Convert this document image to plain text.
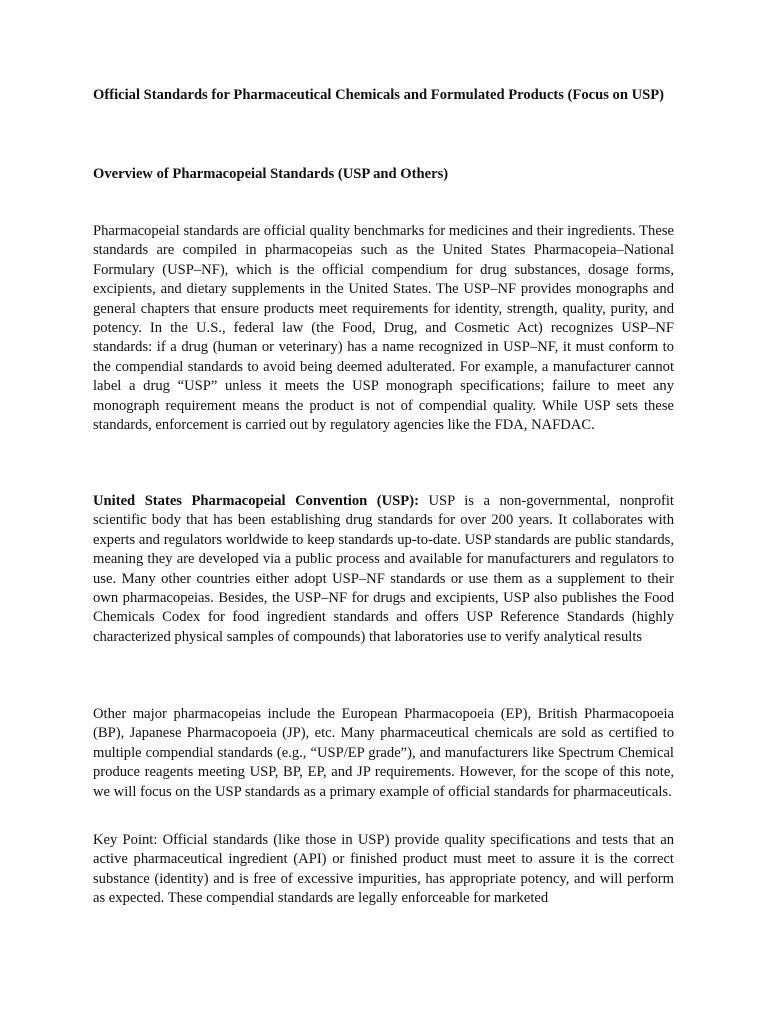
Official Standards for Pharmaceutical Chemicals and Formulated Products (Focus on USP)

Overview of Pharmacopeial Standards (USP and Others)

Pharmacopeial standards are official quality benchmarks for medicines and their ingredients. These standards are compiled in pharmacopeias such as the United States Pharmacopeia–National Formulary (USP–NF), which is the official compendium for drug substances, dosage forms, excipients, and dietary supplements in the United States. The USP–NF provides monographs and general chapters that ensure products meet requirements for identity, strength, quality, purity, and potency. In the U.S., federal law (the Food, Drug, and Cosmetic Act) recognizes USP–NF standards: if a drug (human or veterinary) has a name recognized in USP–NF, it must conform to the compendial standards to avoid being deemed adulterated. For example, a manufacturer cannot label a drug “USP” unless it meets the USP monograph specifications; failure to meet any monograph requirement means the product is not of compendial quality. While USP sets these standards, enforcement is carried out by regulatory agencies like the FDA, NAFDAC.

United States Pharmacopeial Convention (USP): USP is a non-governmental, nonprofit scientific body that has been establishing drug standards for over 200 years. It collaborates with experts and regulators worldwide to keep standards up-to-date. USP standards are public standards, meaning they are developed via a public process and available for manufacturers and regulators to use. Many other countries either adopt USP–NF standards or use them as a supplement to their own pharmacopeias. Besides, the USP–NF for drugs and excipients, USP also publishes the Food Chemicals Codex for food ingredient standards and offers USP Reference Standards (highly characterized physical samples of compounds) that laboratories use to verify analytical results

Other major pharmacopeias include the European Pharmacopoeia (EP), British Pharmacopoeia (BP), Japanese Pharmacopoeia (JP), etc. Many pharmaceutical chemicals are sold as certified to multiple compendial standards (e.g., “USP/EP grade”), and manufacturers like Spectrum Chemical produce reagents meeting USP, BP, EP, and JP requirements. However, for the scope of this note, we will focus on the USP standards as a primary example of official standards for pharmaceuticals.

Key Point: Official standards (like those in USP) provide quality specifications and tests that an active pharmaceutical ingredient (API) or finished product must meet to assure it is the correct substance (identity) and is free of excessive impurities, has appropriate potency, and will perform as expected. These compendial standards are legally enforceable for marketed
